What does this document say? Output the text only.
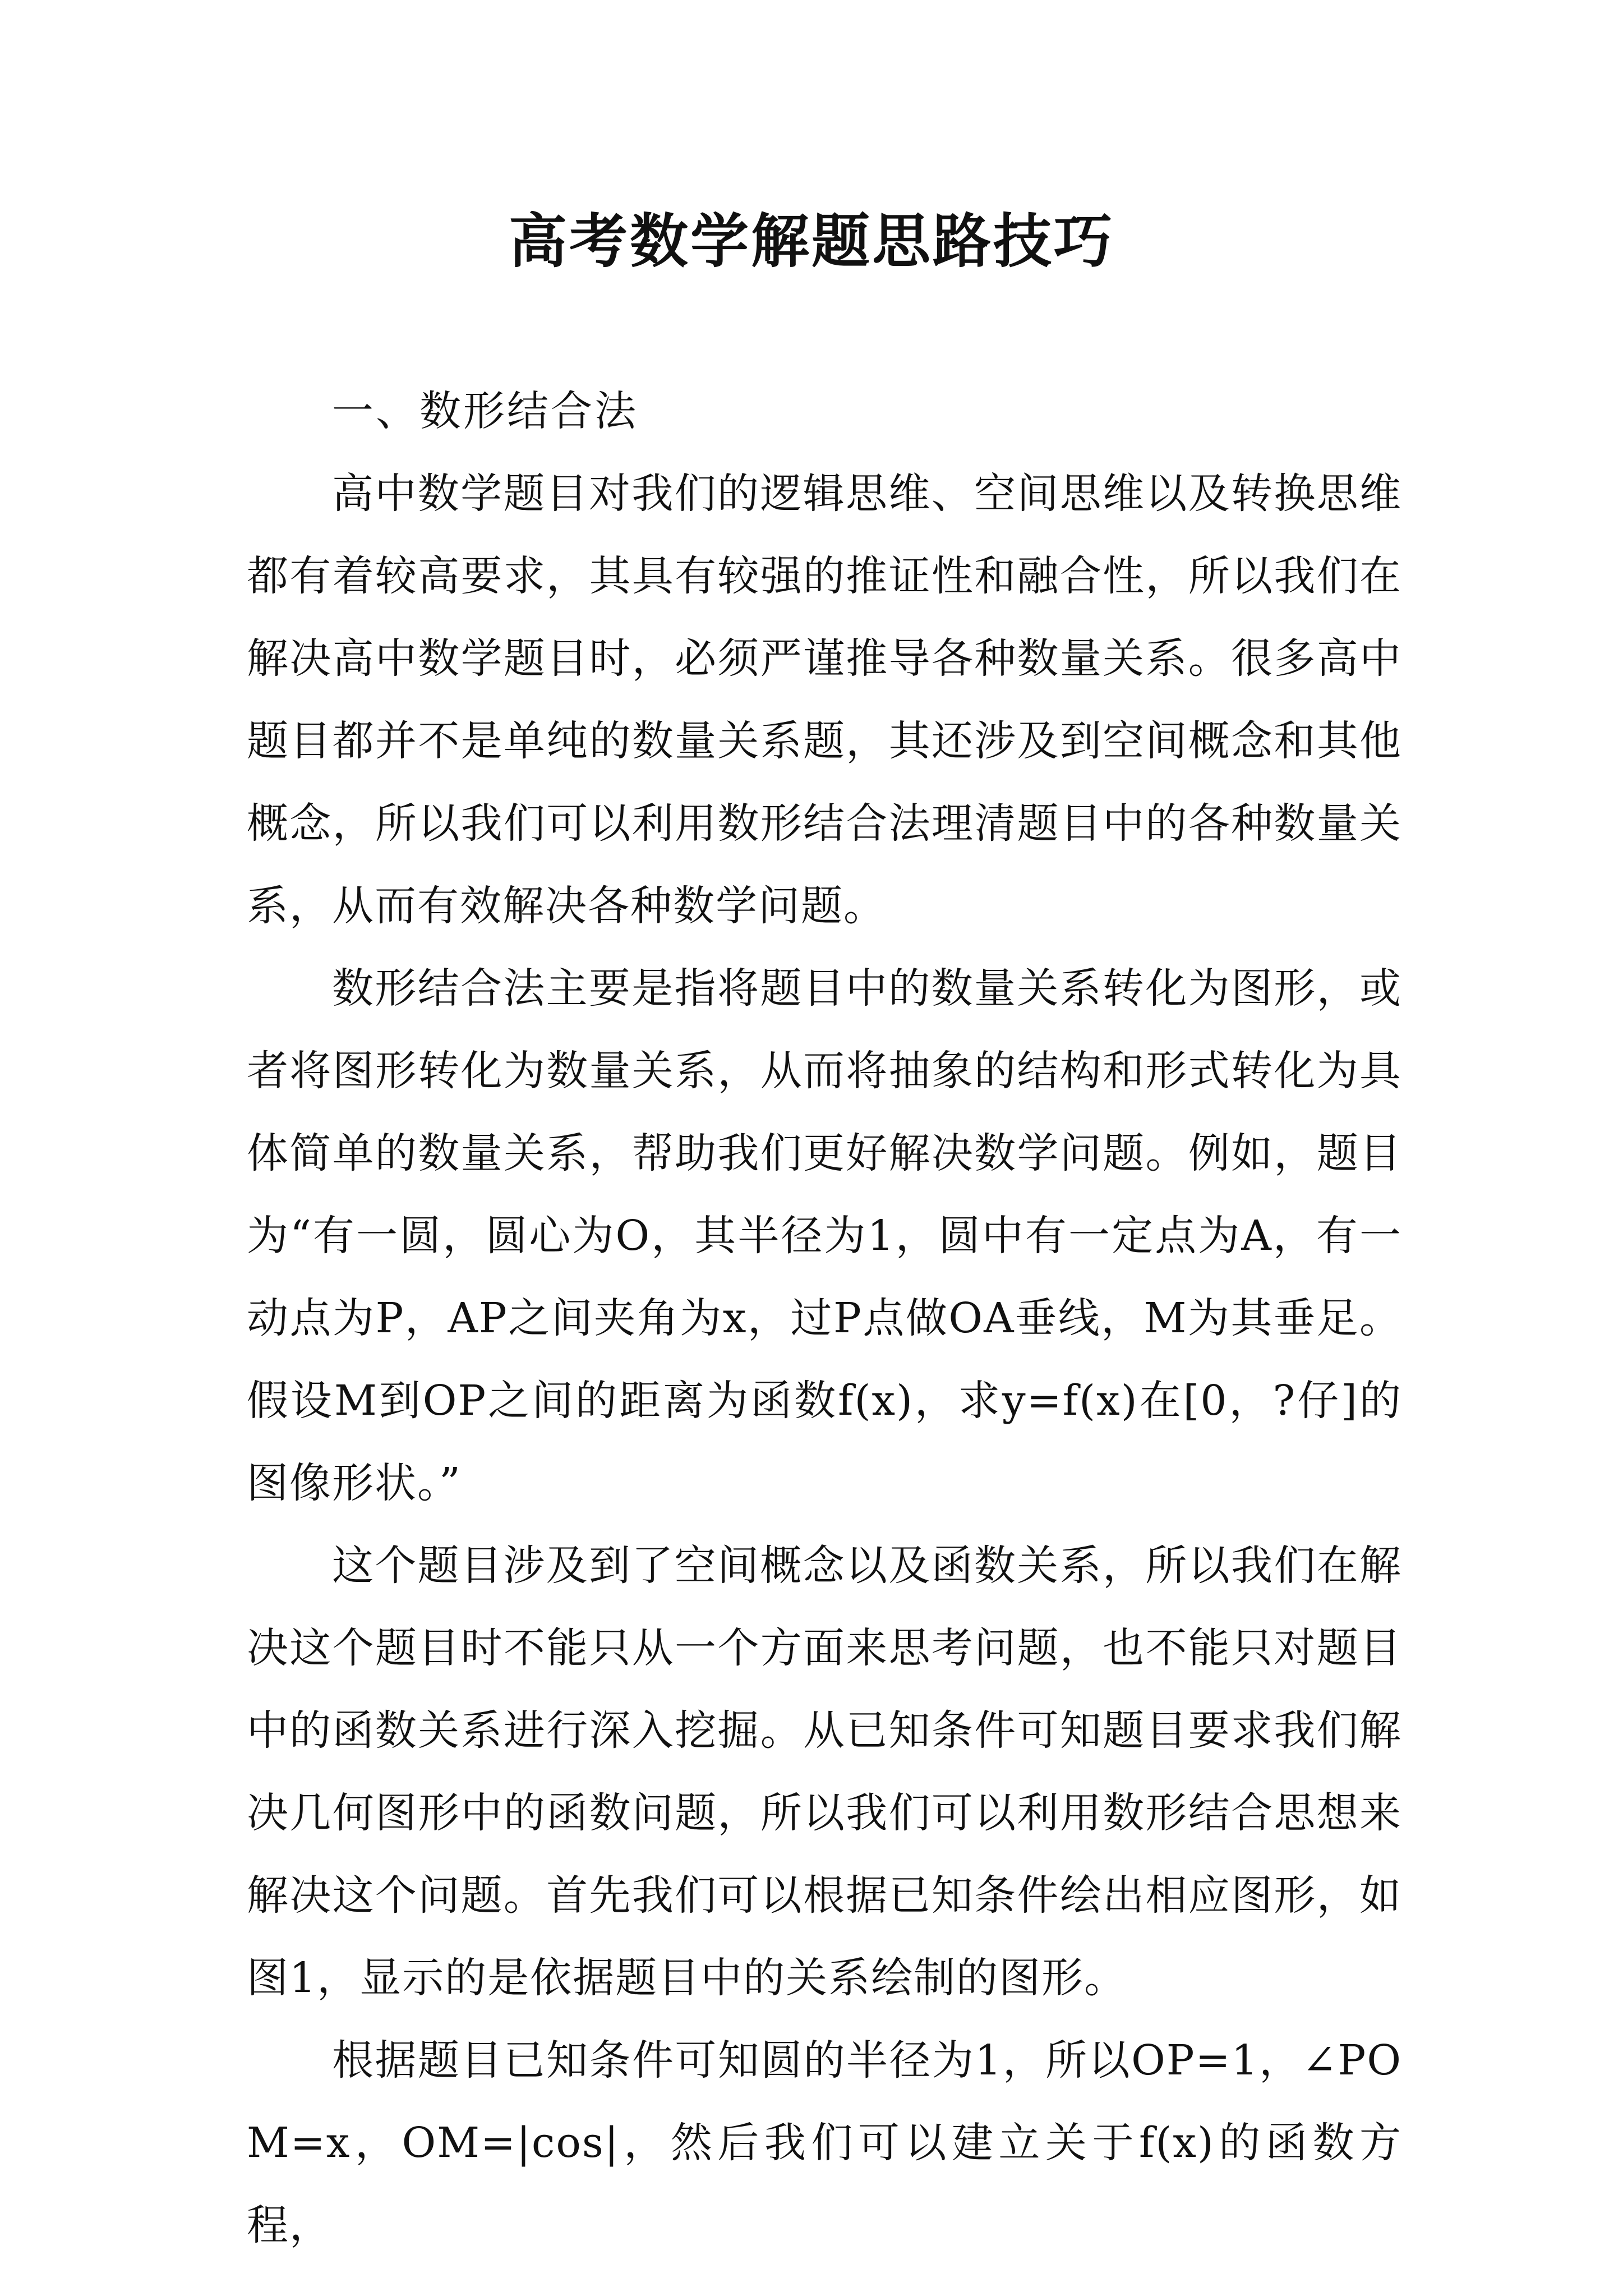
高考数学解题思路技巧

一、数形结合法

高中数学题目对我们的逻辑思维、空间思维以及转换思维都有着较高要求，其具有较强的推证性和融合性，所以我们在解决高中数学题目时，必须严谨推导各种数量关系。很多高中题目都并不是单纯的数量关系题，其还涉及到空间概念和其他概念，所以我们可以利用数形结合法理清题目中的各种数量关系，从而有效解决各种数学问题。

数形结合法主要是指将题目中的数量关系转化为图形，或者将图形转化为数量关系，从而将抽象的结构和形式转化为具体简单的数量关系，帮助我们更好解决数学问题。例如，题目为“有一圆，圆心为O，其半径为1，圆中有一定点为A，有一动点为P，AP之间夹角为x，过P点做OA垂线，M为其垂足。假设M到OP之间的距离为函数f(x)，求y=f(x)在[0，?仔]的图像形状。”

这个题目涉及到了空间概念以及函数关系，所以我们在解决这个题目时不能只从一个方面来思考问题，也不能只对题目中的函数关系进行深入挖掘。从已知条件可知题目要求我们解决几何图形中的函数问题，所以我们可以利用数形结合思想来解决这个问题。首先我们可以根据已知条件绘出相应图形，如图1，显示的是依据题目中的关系绘制的图形。

根据题目已知条件可知圆的半径为1，所以OP=1，∠POM=x，OM=|cos|，然后我们可以建立关于f(x)的函数方程，
